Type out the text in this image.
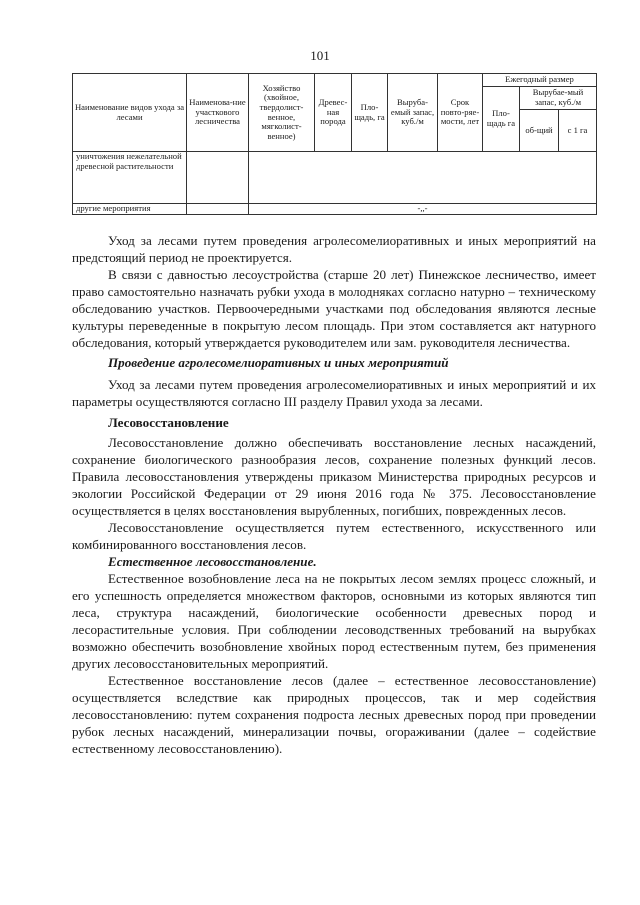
101
Наименование видов ухода за лесами	Наименова-ние участкового лесничества	Хозяйство (хвойное, твердолист-венное, мягколист-венное)	Древес-ная порода	Пло-щадь, га	Выруба-емый запас, куб./м	Срок повто-ряе-мости, лет	Ежегодный размер		
							Пло-щадь га	Вырубае-мый запас, куб./м	
								об-щий	с 1 га
уничтожения нежелательной древесной растительности									
другие мероприятия		-,,-							

Уход за лесами путем проведения агролесомелиоративных и иных мероприятий на предстоящий период не проектируется.

В связи с давностью лесоустройства (старше 20 лет) Пинежское лесничество, имеет право самостоятельно назначать рубки ухода в молодняках согласно натурно – техническому обследованию участков. Первоочередными участками под обследования являются лесные культуры переведенные в покрытую лесом площадь. При этом составляется акт натурного обследования, который утверждается руководителем или зам. руководителя лесничества.

Проведение агролесомелиоративных и иных мероприятий

Уход за лесами путем проведения агролесомелиоративных и иных мероприятий и их параметры осуществляются согласно III разделу Правил ухода за лесами.

Лесовосстановление

Лесовосстановление должно обеспечивать восстановление лесных насаждений, сохранение биологического разнообразия лесов, сохранение полезных функций лесов. Правила лесовосстановления утверждены приказом Министерства природных ресурсов и экологии Российской Федерации от 29 июня 2016 года № 375. Лесовосстановление осуществляется в целях восстановления вырубленных, погибших, поврежденных лесов.

Лесовосстановление осуществляется путем естественного, искусственного или комбинированного восстановления лесов.

Естественное лесовосстановление.

Естественное возобновление леса на не покрытых лесом землях процесс сложный, и его успешность определяется множеством факторов, основными из которых являются тип леса, структура насаждений, биологические особенности древесных пород и лесорастительные условия. При соблюдении лесоводственных требований на вырубках возможно обеспечить возобновление хвойных пород естественным путем, без применения других лесовосстановительных мероприятий.

Естественное восстановление лесов (далее – естественное лесовосстановление) осуществляется вследствие как природных процессов, так и мер содействия лесовосстановлению: путем сохранения подроста лесных древесных пород при проведении рубок лесных насаждений, минерализации почвы, огораживании (далее – содействие естественному лесовосстановлению).
